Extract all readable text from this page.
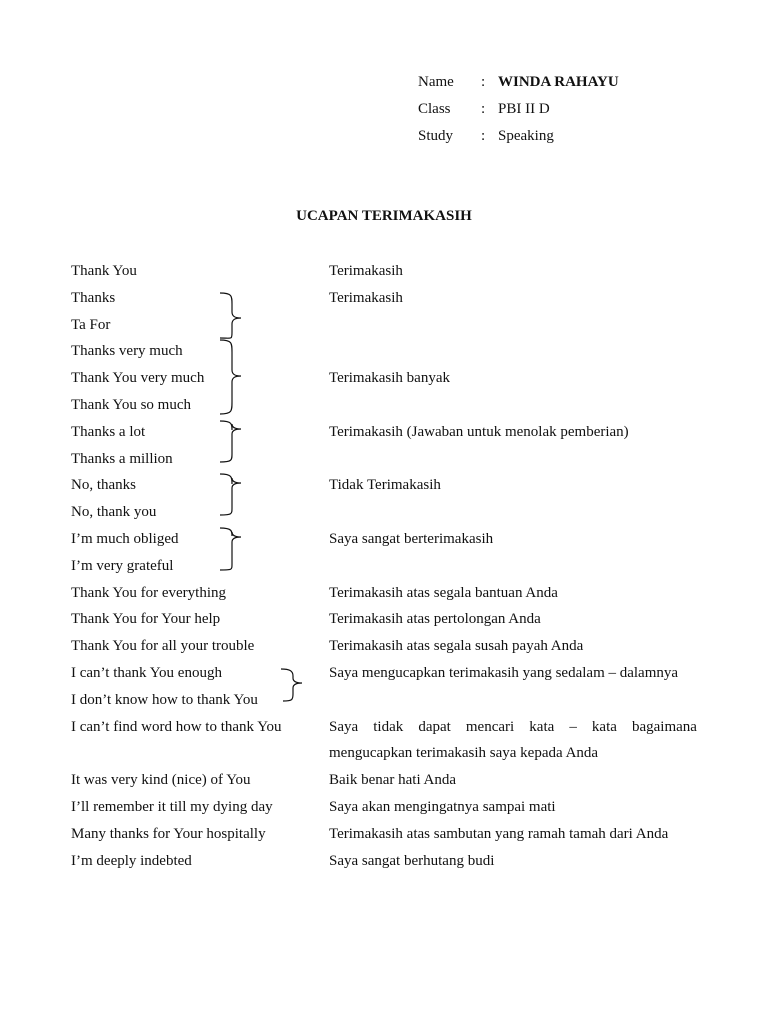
Name	: WINDA RAHAYU
Class	: PBI II D
Study	: Speaking
UCAPAN TERIMAKASIH
Thank You	Terimakasih
Thanks	Terimakasih
Ta For
Thanks very much
Thank You very much	Terimakasih banyak
Thank You so much
Thanks a lot	Terimakasih (Jawaban untuk menolak pemberian)
Thanks a million
No, thanks	Tidak Terimakasih
No, thank you
I’m much obliged	Saya sangat berterimakasih
I’m very grateful
Thank You for everything	Terimakasih atas segala bantuan Anda
Thank You for Your help	Terimakasih atas pertolongan Anda
Thank You for all your trouble	Terimakasih atas segala susah payah Anda
I can’t thank You enough	Saya mengucapkan terimakasih yang sedalam – dalamnya
I don’t know how to thank You
I can’t find word how to thank You	Saya tidak dapat mencari kata – kata bagaimana
mengucapkan terimakasih saya kepada Anda
It was very kind (nice) of You	Baik benar hati Anda
I’ll remember it till my dying day	Saya akan mengingatnya sampai mati
Many thanks for Your hospitally	Terimakasih atas sambutan yang ramah tamah dari Anda
I’m deeply indebted	Saya sangat berhutang budi
